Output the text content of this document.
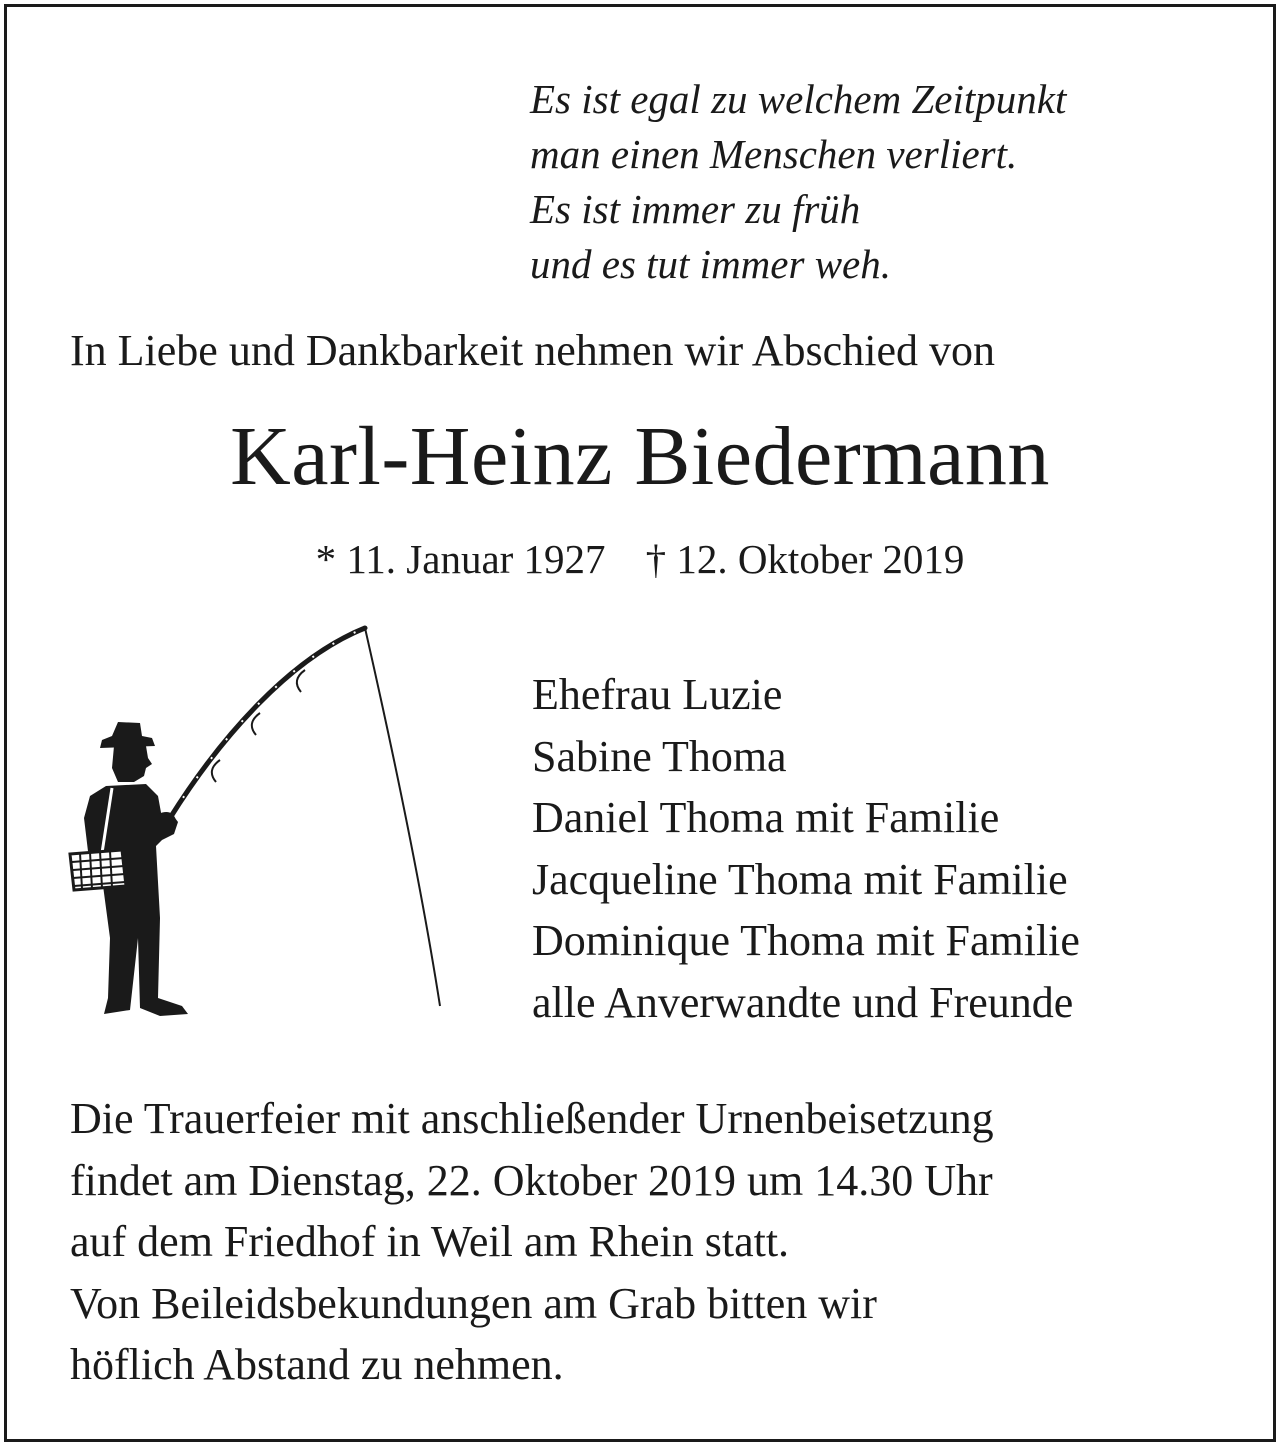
Es ist egal zu welchem Zeitpunkt
man einen Menschen verliert.
Es ist immer zu früh
und es tut immer weh.
In Liebe und Dankbarkeit nehmen wir Abschied von
Karl-Heinz Biedermann
* 11. Januar 1927 † 12. Oktober 2019
Ehefrau Luzie
Sabine Thoma
Daniel Thoma mit Familie
Jacqueline Thoma mit Familie
Dominique Thoma mit Familie
alle Anverwandte und Freunde
Die Trauerfeier mit anschließender Urnenbeisetzung
findet am Dienstag, 22. Oktober 2019 um 14.30 Uhr
auf dem Friedhof in Weil am Rhein statt.
Von Beileidsbekundungen am Grab bitten wir
höflich Abstand zu nehmen.
